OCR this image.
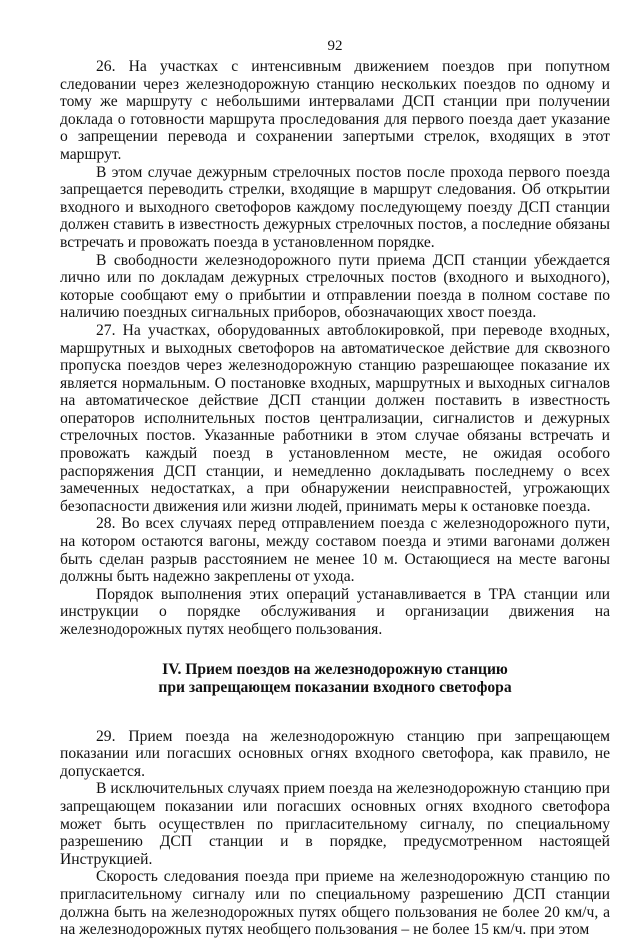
92

26. На участках с интенсивным движением поездов при попутном следовании через железнодорожную станцию нескольких поездов по одному и тому же маршруту с небольшими интервалами ДСП станции при получении доклада о готовности маршрута проследования для первого поезда дает указание о запрещении перевода и сохранении запертыми стрелок, входящих в этот маршрут.

В этом случае дежурным стрелочных постов после прохода первого поезда запрещается переводить стрелки, входящие в маршрут следования. Об открытии входного и выходного светофоров каждому последующему поезду ДСП станции должен ставить в известность дежурных стрелочных постов, а последние обязаны встречать и провожать поезда в установленном порядке.

В свободности железнодорожного пути приема ДСП станции убеждается лично или по докладам дежурных стрелочных постов (входного и выходного), которые сообщают ему о прибытии и отправлении поезда в полном составе по наличию поездных сигнальных приборов, обозначающих хвост поезда.

27. На участках, оборудованных автоблокировкой, при переводе входных, маршрутных и выходных светофоров на автоматическое действие для сквозного пропуска поездов через железнодорожную станцию разрешающее показание их является нормальным. О постановке входных, маршрутных и выходных сигналов на автоматическое действие ДСП станции должен поставить в известность операторов исполнительных постов централизации, сигналистов и дежурных стрелочных постов. Указанные работники в этом случае обязаны встречать и провожать каждый поезд в установленном месте, не ожидая особого распоряжения ДСП станции, и немедленно докладывать последнему о всех замеченных недостатках, а при обнаружении неисправностей, угрожающих безопасности движения или жизни людей, принимать меры к остановке поезда.

28. Во всех случаях перед отправлением поезда с железнодорожного пути, на котором остаются вагоны, между составом поезда и этими вагонами должен быть сделан разрыв расстоянием не менее 10 м. Остающиеся на месте вагоны должны быть надежно закреплены от ухода.

Порядок выполнения этих операций устанавливается в ТРА станции или инструкции о порядке обслуживания и организации движения на железнодорожных путях необщего пользования.

IV. Прием поездов на железнодорожную станцию
при запрещающем показании входного светофора

29. Прием поезда на железнодорожную станцию при запрещающем показании или погасших основных огнях входного светофора, как правило, не допускается.

В исключительных случаях прием поезда на железнодорожную станцию при запрещающем показании или погасших основных огнях входного светофора может быть осуществлен по пригласительному сигналу, по специальному разрешению ДСП станции и в порядке, предусмотренном настоящей Инструкцией.

Скорость следования поезда при приеме на железнодорожную станцию по пригласительному сигналу или по специальному разрешению ДСП станции должна быть на железнодорожных путях общего пользования не более 20 км/ч, а на железнодорожных путях необщего пользования – не более 15 км/ч. при этом
